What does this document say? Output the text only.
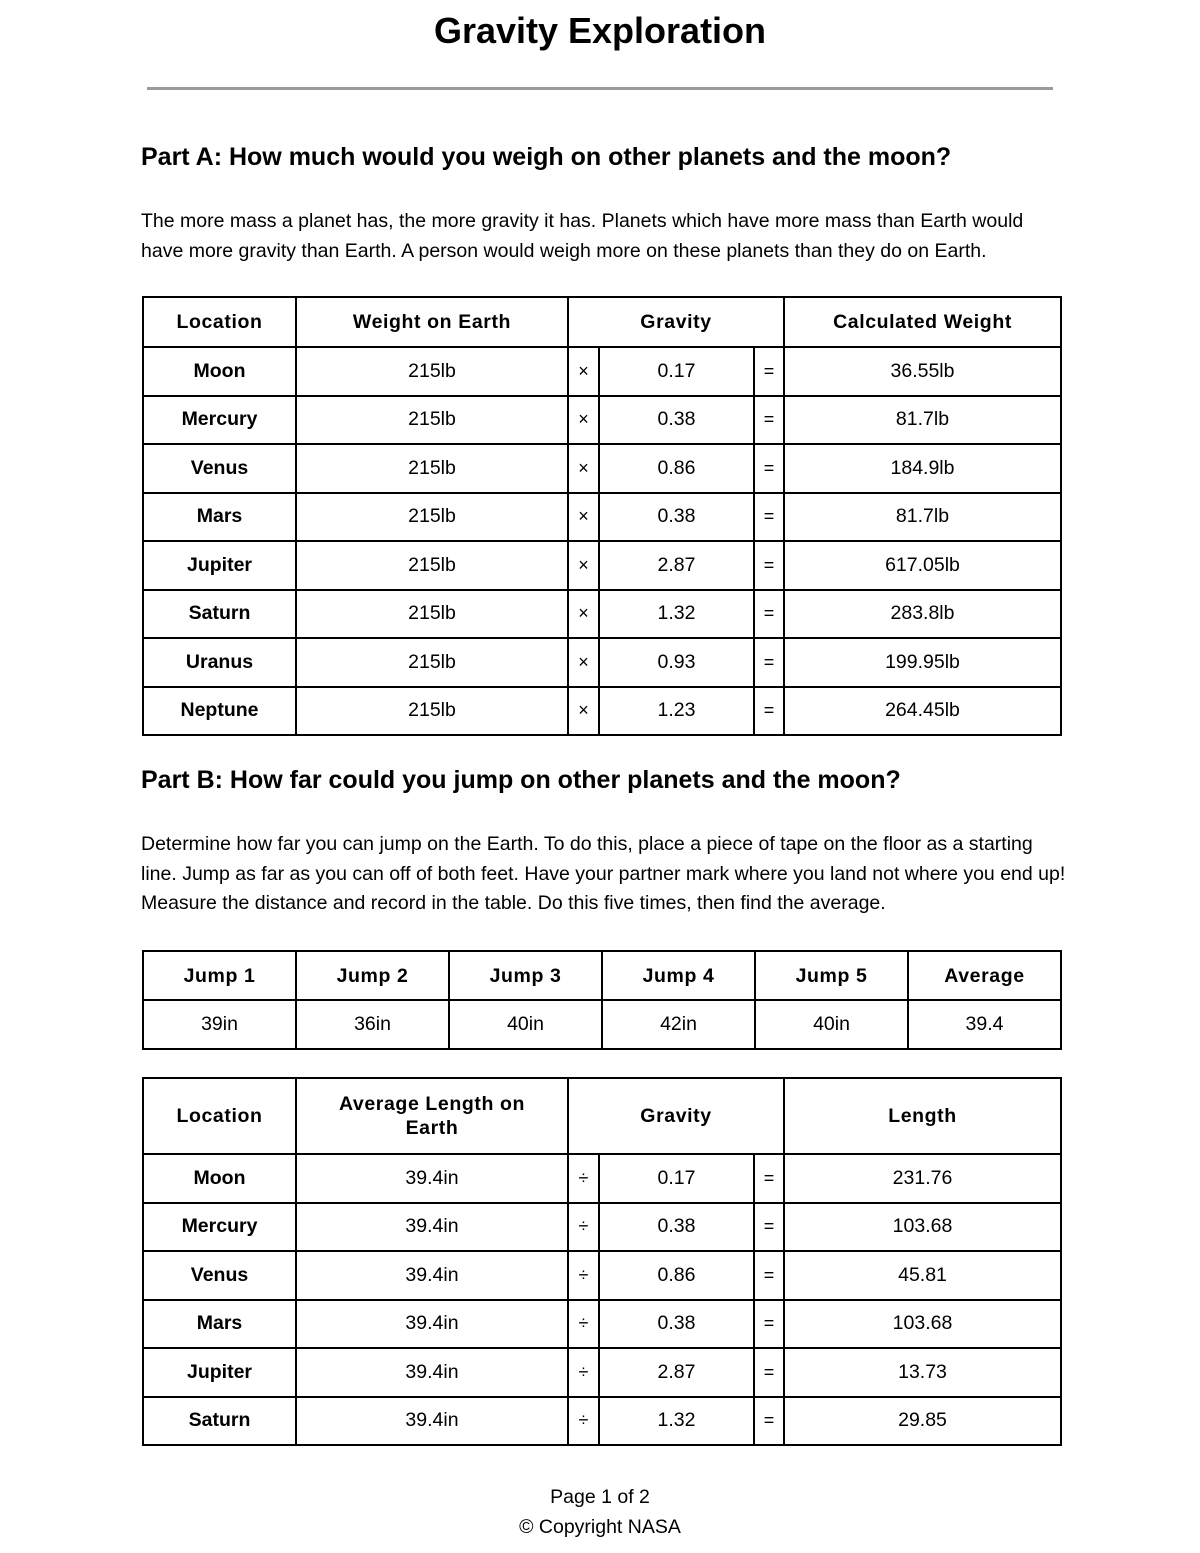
Gravity Exploration
Part A: How much would you weigh on other planets and the moon?
The more mass a planet has, the more gravity it has. Planets which have more mass than Earth would have more gravity than Earth. A person would weigh more on these planets than they do on Earth.
Location	Weight on Earth	Gravity			Calculated Weight
Moon	215lb	×	0.17	=	36.55lb
Mercury	215lb	×	0.38	=	81.7lb
Venus	215lb	×	0.86	=	184.9lb
Mars	215lb	×	0.38	=	81.7lb
Jupiter	215lb	×	2.87	=	617.05lb
Saturn	215lb	×	1.32	=	283.8lb
Uranus	215lb	×	0.93	=	199.95lb
Neptune	215lb	×	1.23	=	264.45lb
Part B: How far could you jump on other planets and the moon?
Determine how far you can jump on the Earth. To do this, place a piece of tape on the floor as a starting line. Jump as far as you can off of both feet. Have your partner mark where you land not where you end up! Measure the distance and record in the table. Do this five times, then find the average.
Jump 1	Jump 2	Jump 3	Jump 4	Jump 5	Average
39in	36in	40in	42in	40in	39.4
Location	Average Length on Earth	Gravity			Length
Moon	39.4in	÷	0.17	=	231.76
Mercury	39.4in	÷	0.38	=	103.68
Venus	39.4in	÷	0.86	=	45.81
Mars	39.4in	÷	0.38	=	103.68
Jupiter	39.4in	÷	2.87	=	13.73
Saturn	39.4in	÷	1.32	=	29.85
Page 1 of 2
© Copyright NASA
